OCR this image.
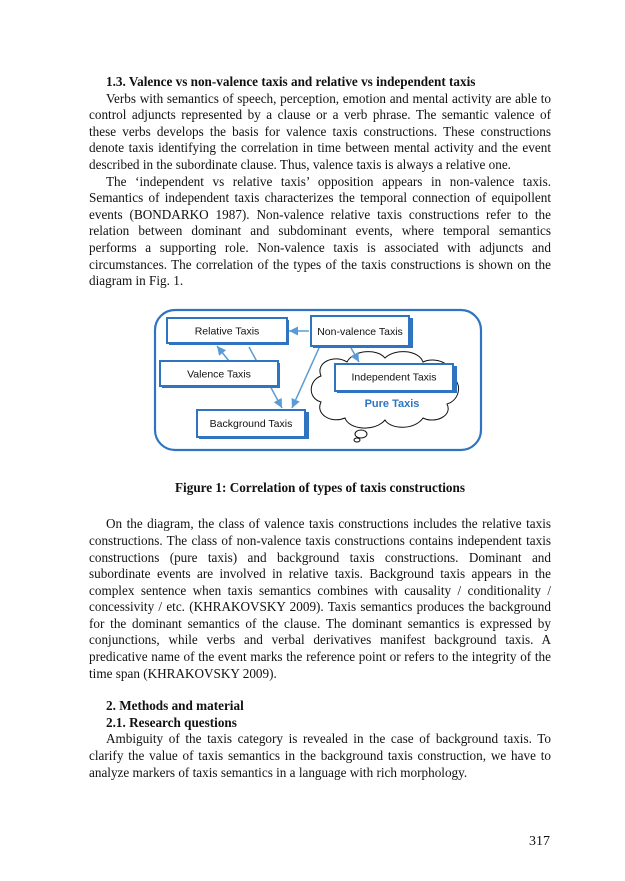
1.3. Valence vs non-valence taxis and relative vs independent taxis

Verbs with semantics of speech, perception, emotion and mental activity are able to control adjuncts represented by a clause or a verb phrase. The semantic valence of these verbs develops the basis for valence taxis constructions. These constructions denote taxis identifying the correlation in time between mental activity and the event described in the subordinate clause. Thus, valence taxis is always a relative one.

The ‘independent vs relative taxis’ opposition appears in non-valence taxis. Semantics of independent taxis characterizes the temporal connection of equipollent events (BONDARKO 1987). Non-valence relative taxis constructions refer to the relation between dominant and subdominant events, where temporal semantics performs a supporting role. Non-valence taxis is associated with adjuncts and circumstances. The correlation of the types of the taxis constructions is shown on the diagram in Fig. 1.

Relative Taxis	Non-valence Taxis
Valence Taxis	Independent Taxis
Pure Taxis
Background Taxis

Figure 1: Correlation of types of taxis constructions

On the diagram, the class of valence taxis constructions includes the relative taxis constructions. The class of non-valence taxis constructions contains independent taxis constructions (pure taxis) and background taxis constructions. Dominant and subordinate events are involved in relative taxis. Background taxis appears in the complex sentence when taxis semantics combines with causality / conditionality / concessivity / etc. (KHRAKOVSKY 2009). Taxis semantics produces the background for the dominant semantics of the clause. The dominant semantics is expressed by conjunctions, while verbs and verbal derivatives manifest background taxis. A predicative name of the event marks the reference point or refers to the integrity of the time span (KHRAKOVSKY 2009).

2. Methods and material

2.1. Research questions

Ambiguity of the taxis category is revealed in the case of background taxis. To clarify the value of taxis semantics in the background taxis construction, we have to analyze markers of taxis semantics in a language with rich morphology.

317
